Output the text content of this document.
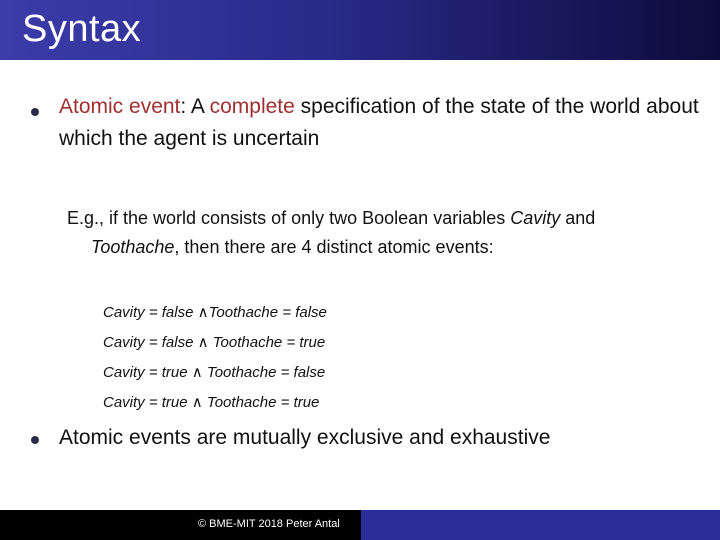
Syntax
Atomic event: A complete specification of the state of the world about which the agent is uncertain
E.g., if the world consists of only two Boolean variables Cavity and
Toothache, then there are 4 distinct atomic events:
Cavity = false ∧Toothache = false
Cavity = false ∧ Toothache = true
Cavity = true ∧ Toothache = false
Cavity = true ∧ Toothache = true
Atomic events are mutually exclusive and exhaustive
© BME-MIT 2018 Peter Antal
